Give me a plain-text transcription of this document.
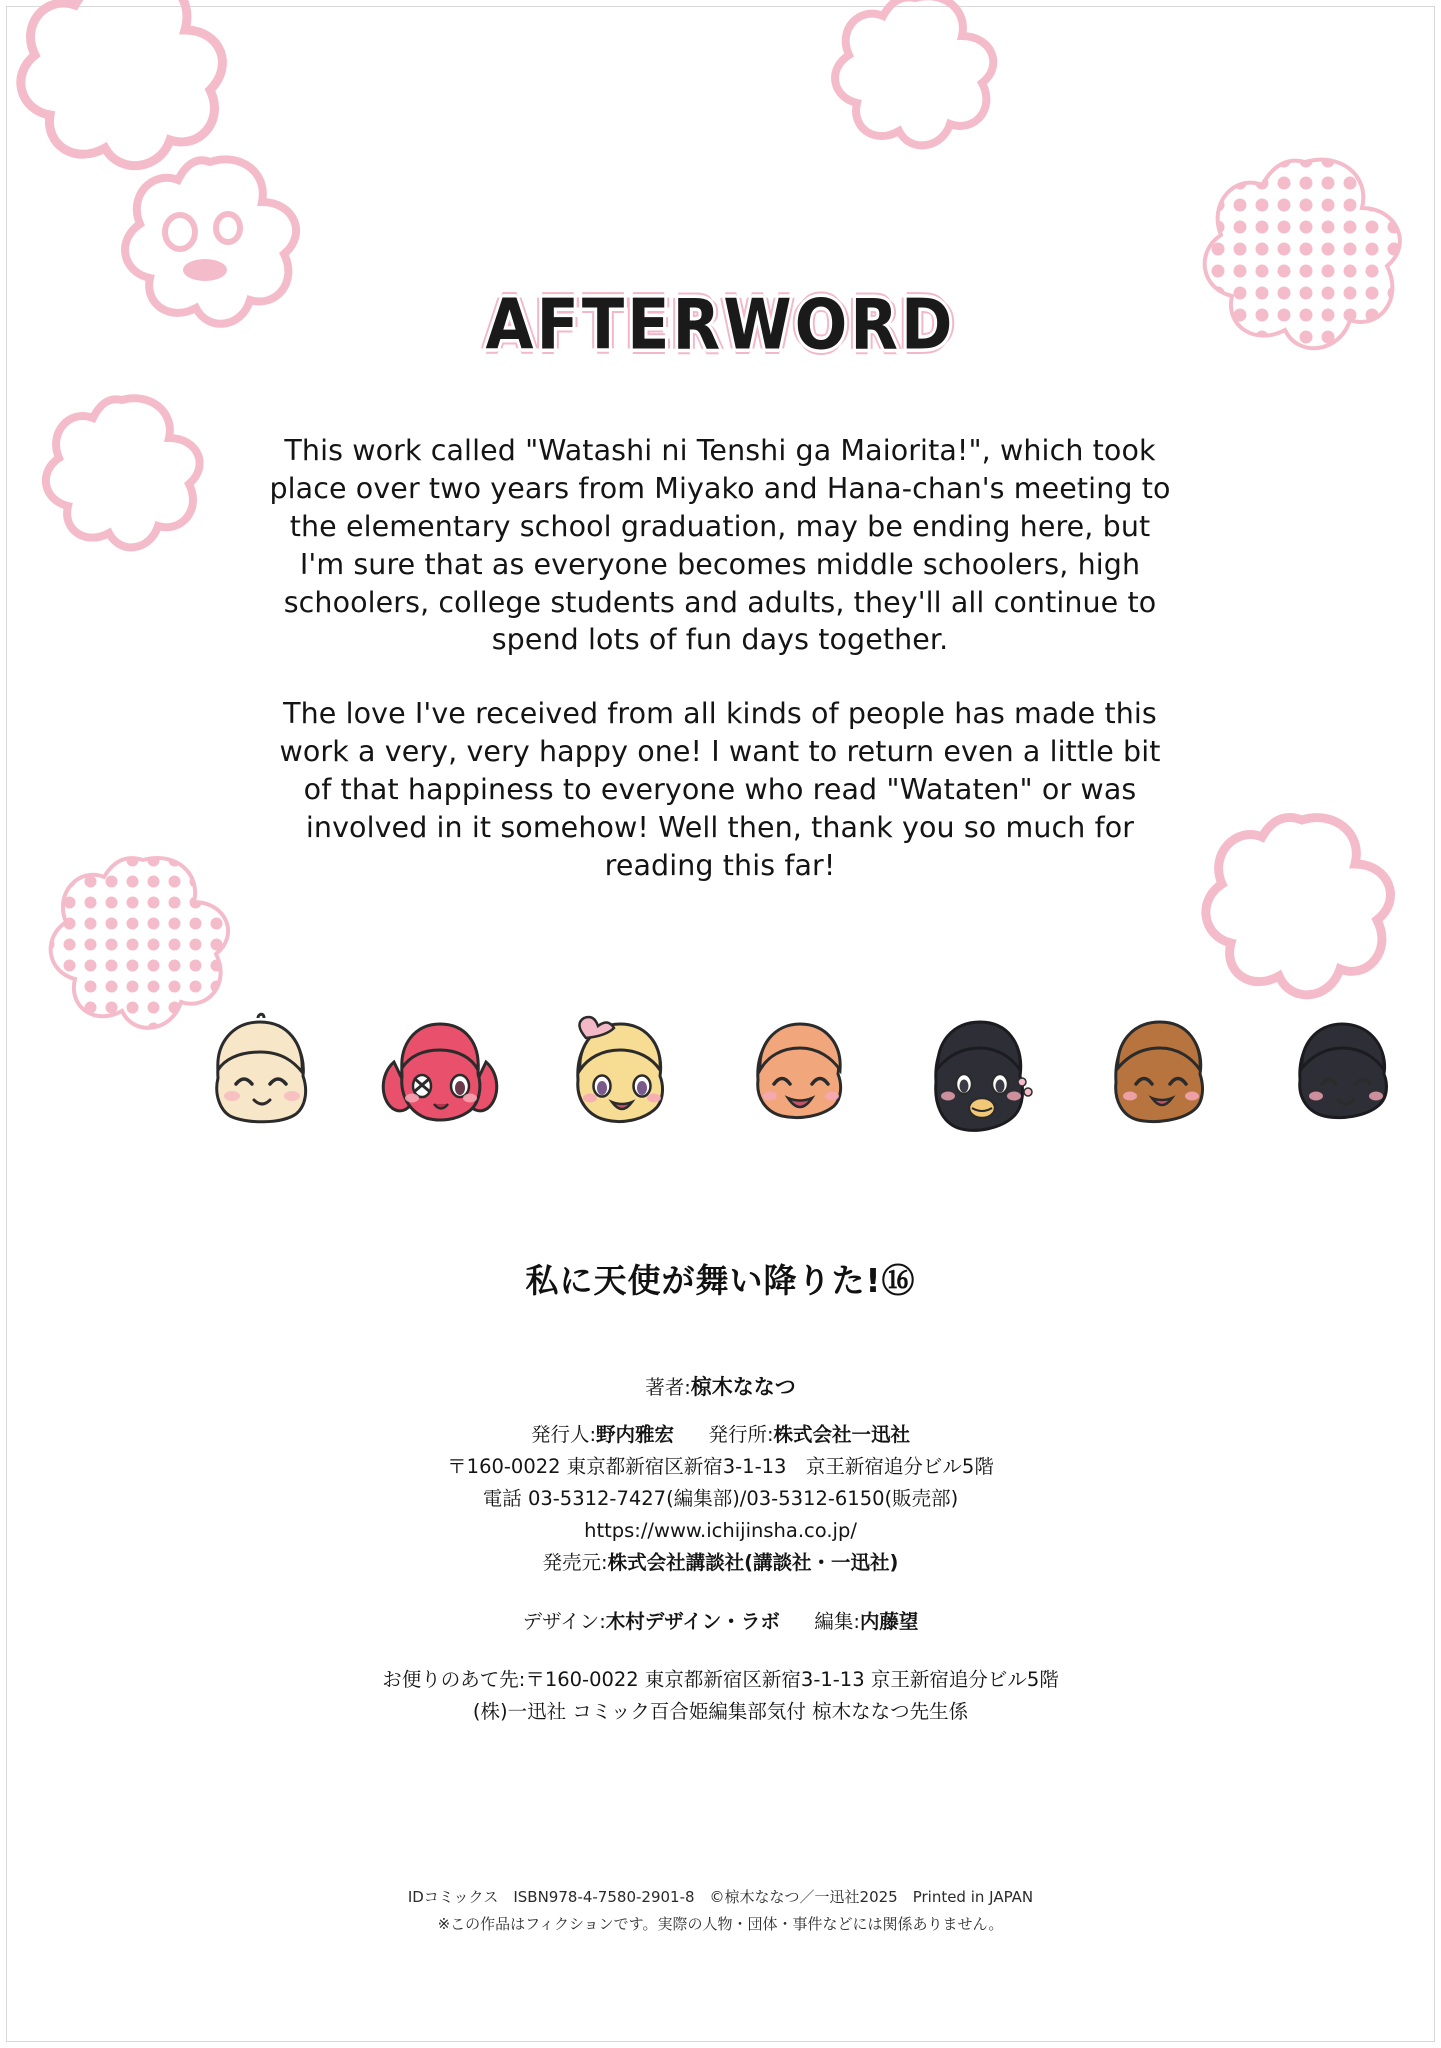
AFTERWORD

This work called "Watashi ni Tenshi ga Maiorita!", which took place over two years from Miyako and Hana-chan's meeting to the elementary school graduation, may be ending here, but I'm sure that as everyone becomes middle schoolers, high schoolers, college students and adults, they'll all continue to spend lots of fun days together.

The love I've received from all kinds of people has made this work a very, very happy one! I want to return even a little bit of that happiness to everyone who read "Wataten" or was involved in it somehow! Well then, thank you so much for reading this far!

私に天使が舞い降りた!⑯
著者:椋木ななつ
発行人:野内雅宏 発行所:株式会社一迅社
〒160-0022 東京都新宿区新宿3-1-13　京王新宿追分ビル5階
電話 03-5312-7427(編集部)/03-5312-6150(販売部)
https://www.ichijinsha.co.jp/
発売元:株式会社講談社(講談社・一迅社)
デザイン:木村デザイン・ラボ 編集:内藤望
お便りのあて先:〒160-0022 東京都新宿区新宿3-1-13 京王新宿追分ビル5階
(株)一迅社 コミック百合姫編集部気付 椋木ななつ先生係
IDコミックス　ISBN978-4-7580-2901-8　©椋木ななつ／一迅社2025　Printed in JAPAN
※この作品はフィクションです。実際の人物・団体・事件などには関係ありません。
